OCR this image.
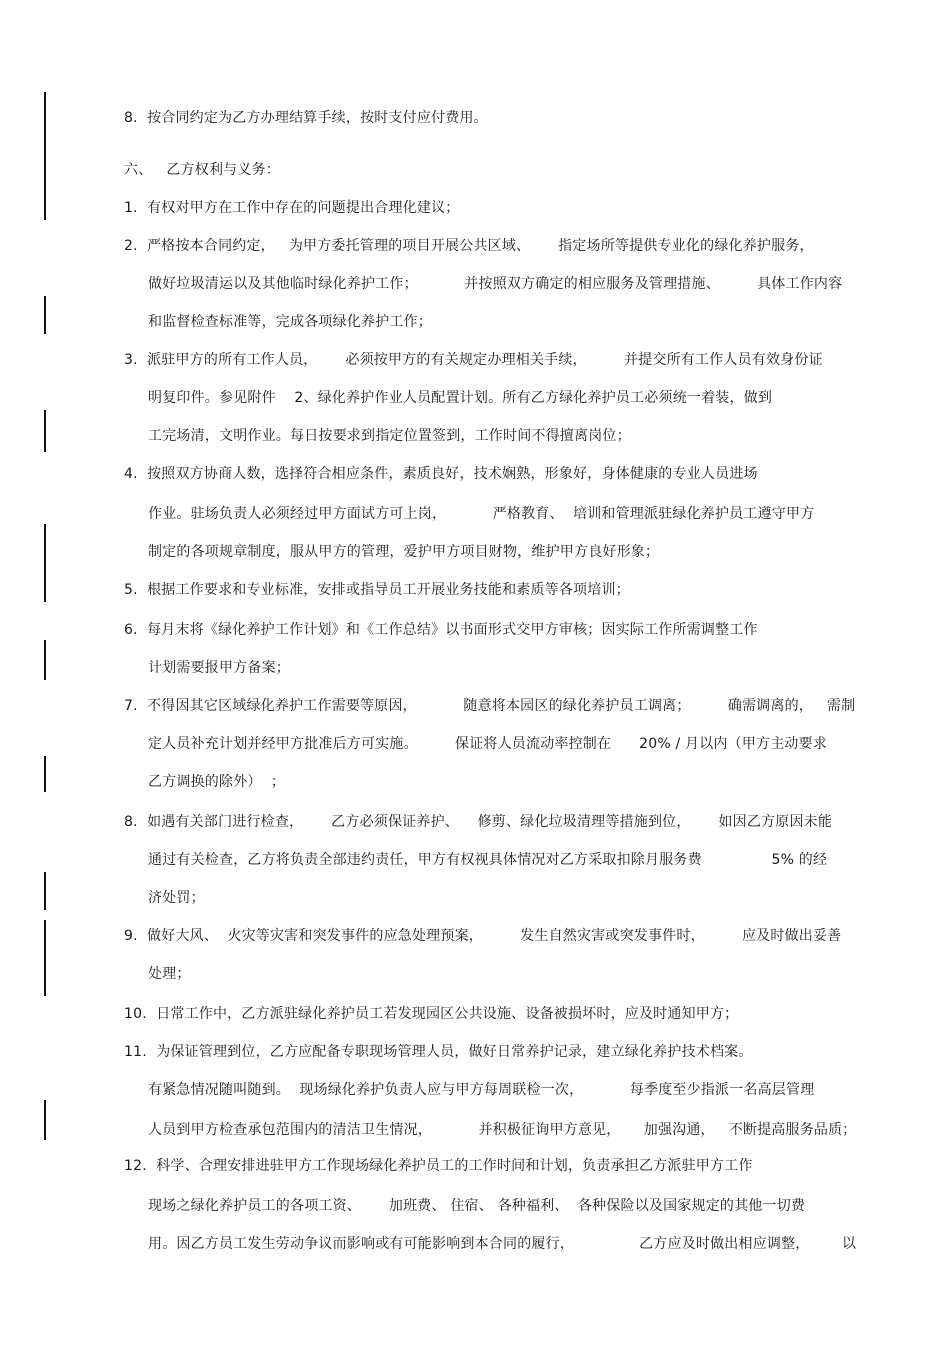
8. 按合同约定为乙方办理结算手续，按时支付应付费用。
六、   乙方权利与义务：
1. 有权对甲方在工作中存在的问题提出合理化建议；
2. 严格按本合同约定，   为甲方委托管理的项目开展公共区域、      指定场所等提供专业化的绿化养护服务，
做好垃圾清运以及其他临时绿化养护工作；          并按照双方确定的相应服务及管理措施、        具体工作内容
和监督检查标准等，完成各项绿化养护工作；
3. 派驻甲方的所有工作人员，      必须按甲方的有关规定办理相关手续，        并提交所有工作人员有效身份证
明复印件。参见附件    2、绿化养护作业人员配置计划。所有乙方绿化养护员工必须统一着装，做到
工完场清，文明作业。每日按要求到指定位置签到，工作时间不得擅离岗位；
4. 按照双方协商人数，选择符合相应条件，素质良好，技术娴熟，形象好，身体健康的专业人员进场
作业。驻场负责人必须经过甲方面试方可上岗，          严格教育、  培训和管理派驻绿化养护员工遵守甲方
制定的各项规章制度，服从甲方的管理，爱护甲方项目财物，维护甲方良好形象；
5. 根据工作要求和专业标准，安排或指导员工开展业务技能和素质等各项培训；
6. 每月末将《绿化养护工作计划》和《工作总结》以书面形式交甲方审核；因实际工作所需调整工作
计划需要报甲方备案；
7. 不得因其它区域绿化养护工作需要等原因，          随意将本园区的绿化养护员工调离；        确需调离的，   需制
定人员补充计划并经甲方批准后方可实施。        保证将人员流动率控制在      20% / 月以内（甲方主动要求
乙方调换的除外）  ；
8. 如遇有关部门进行检查，      乙方必须保证养护、    修剪、绿化垃圾清理等措施到位，      如因乙方原因未能
通过有关检查，乙方将负责全部违约责任，甲方有权视具体情况对乙方采取扣除月服务费               5% 的经
济处罚；
9. 做好大风、  火灾等灾害和突发事件的应急处理预案，        发生自然灾害或突发事件时，        应及时做出妥善
处理；
10. 日常工作中，乙方派驻绿化养护员工若发现园区公共设施、设备被损坏时，应及时通知甲方；
11. 为保证管理到位，乙方应配备专职现场管理人员，做好日常养护记录，建立绿化养护技术档案。
有紧急情况随叫随到。  现场绿化养护负责人应与甲方每周联检一次，          每季度至少指派一名高层管理
人员到甲方检查承包范围内的清洁卫生情况，          并积极征询甲方意见，     加强沟通，   不断提高服务品质；
12. 科学、合理安排进驻甲方工作现场绿化养护员工的工作时间和计划，负责承担乙方派驻甲方工作
现场之绿化养护员工的各项工资、      加班费、 住宿、 各种福利、  各种保险以及国家规定的其他一切费
用。因乙方员工发生劳动争议而影响或有可能影响到本合同的履行，              乙方应及时做出相应调整，       以
